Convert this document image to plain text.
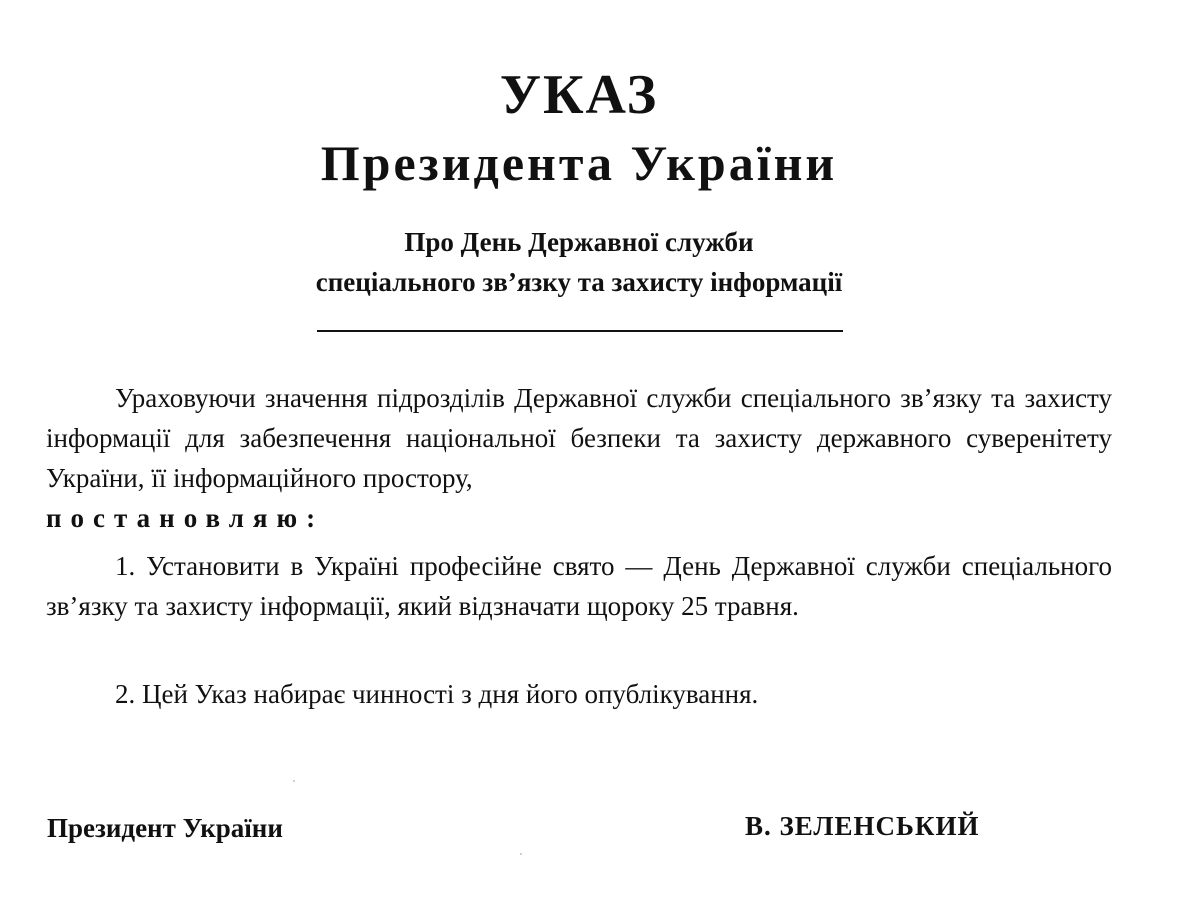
УКАЗ
Президента України
Про День Державної служби
спеціального зв’язку та захисту інформації

Ураховуючи значення підрозділів Державної служби спеціального зв’язку та захисту інформації для забезпечення національної безпеки та захисту державного суверенітету України, її інформаційного простору,
постановляю:

1. Установити в Україні професійне свято — День Державної служби спеціального зв’язку та захисту інформації, який відзначати щороку 25 травня.

2. Цей Указ набирає чинності з дня його опублікування.

Президент України	В. ЗЕЛЕНСЬКИЙ
